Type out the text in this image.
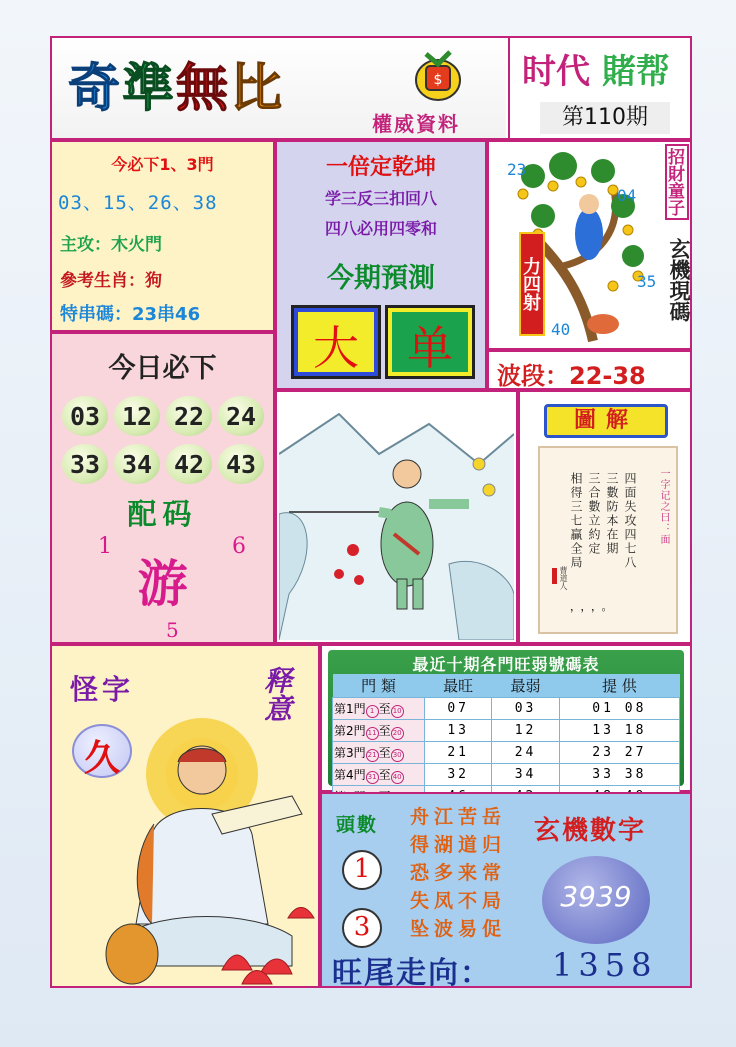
奇準無比	$
權威資料
时代 賭帮
第110期
今必下1、3門
03、15、26、38
主攻：木火門
參考生肖：狗
特串碼：23串46
一倍定乾坤
学三反三扣回八
四八必用四零和
今期預測
大	单
招財童子
玄機現碼
力四射
23
04
35
40
波段：22-38
今日必下
03 12 22 24
33 34 42 43
配码
1	6
游
5
圖解
四面失攻四七八
三數防本在期
三合數立約定
相得三七贏全局
，，，。
一字记之曰：面
曹道人
怪字	释意
久
最近十期各門旺弱號碼表
門 類	最旺	最弱	提 供
第1門 1 至 10	07	03	01 08
第2門 11 至 20	13	12	13 18
第3門 21 至 30	21	24	23 27
第4門 31 至 40	32	34	33 38

頭數
1
3
舟江苦岳
得湖道归
恐多来常
失凤不局
坠波易促
玄機數字
3939
旺尾走向： 1358
